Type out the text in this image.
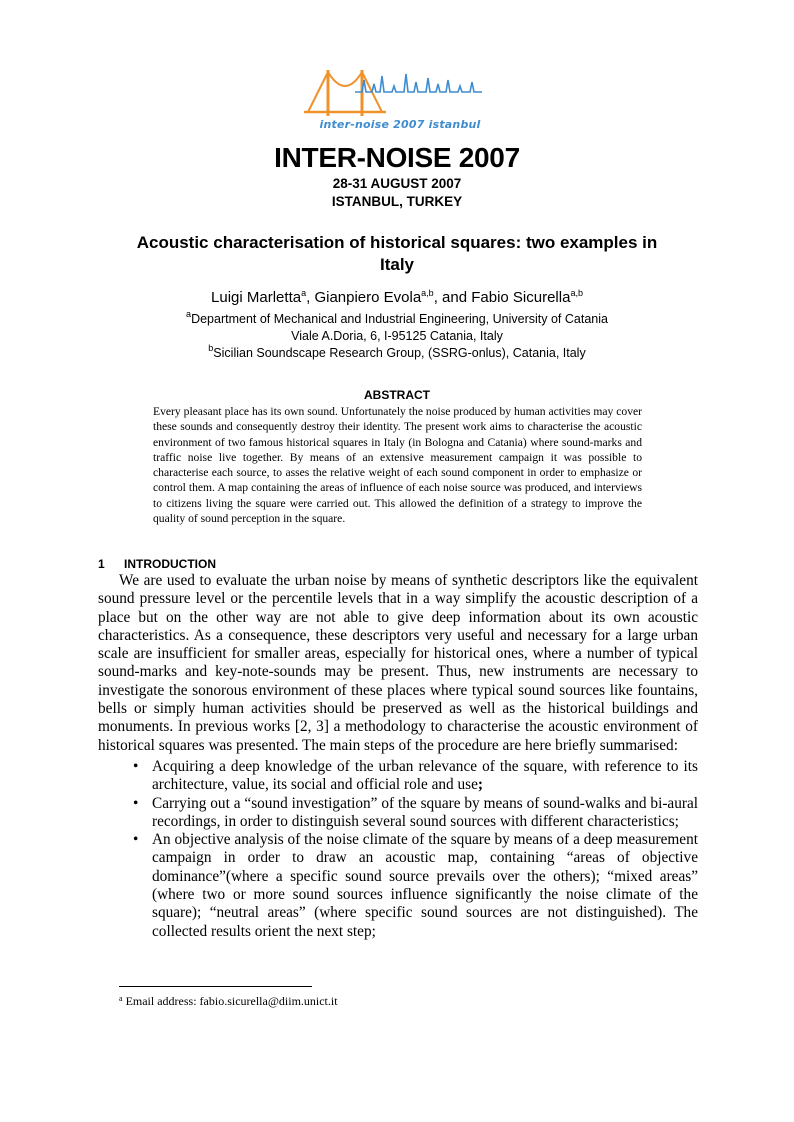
inter-noise 2007 istanbul
INTER-NOISE 2007
28-31 AUGUST 2007
ISTANBUL, TURKEY
Acoustic characterisation of historical squares: two examples in
Italy
Luigi Marletta$^a$, Gianpiero Evola$^{a,b}$, and Fabio Sicurella$^{a,b}$
$^a$Department of Mechanical and Industrial Engineering, University of Catania
Viale A.Doria, 6, I-95125 Catania, Italy
$^b$Sicilian Soundscape Research Group, (SSRG-onlus), Catania, Italy
ABSTRACT

Every pleasant place has its own sound. Unfortunately the noise produced by human activities may cover these sounds and consequently destroy their identity. The present work aims to characterise the acoustic environment of two famous historical squares in Italy (in Bologna and Catania) where sound-marks and traffic noise live together. By means of an extensive measurement campaign it was possible to characterise each source, to asses the relative weight of each sound component in order to emphasize or control them. A map containing the areas of influence of each noise source was produced, and interviews to citizens living the square were carried out. This allowed the definition of a strategy to improve the quality of sound perception in the square.

1 INTRODUCTION

We are used to evaluate the urban noise by means of synthetic descriptors like the equivalent sound pressure level or the percentile levels that in a way simplify the acoustic description of a place but on the other way are not able to give deep information about its own acoustic characteristics. As a consequence, these descriptors very useful and necessary for a large urban scale are insufficient for smaller areas, especially for historical ones, where a number of typical sound-marks and key-note-sounds may be present. Thus, new instruments are necessary to investigate the sonorous environment of these places where typical sound sources like fountains, bells or simply human activities should be preserved as well as the historical buildings and monuments. In previous works [2, 3] a methodology to characterise the acoustic environment of historical squares was presented. The main steps of the procedure are here briefly summarised:

• Acquiring a deep knowledge of the urban relevance of the square, with reference to its architecture, value, its social and official role and use;
• Carrying out a “sound investigation” of the square by means of sound-walks and bi-aural recordings, in order to distinguish several sound sources with different characteristics;
• An objective analysis of the noise climate of the square by means of a deep measurement campaign in order to draw an acoustic map, containing “areas of objective dominance”(where a specific sound source prevails over the others); “mixed areas” (where two or more sound sources influence significantly the noise climate of the square); “neutral areas” (where specific sound sources are not distinguished). The collected results orient the next step;
$^a$ Email address: fabio.sicurella@diim.unict.it
